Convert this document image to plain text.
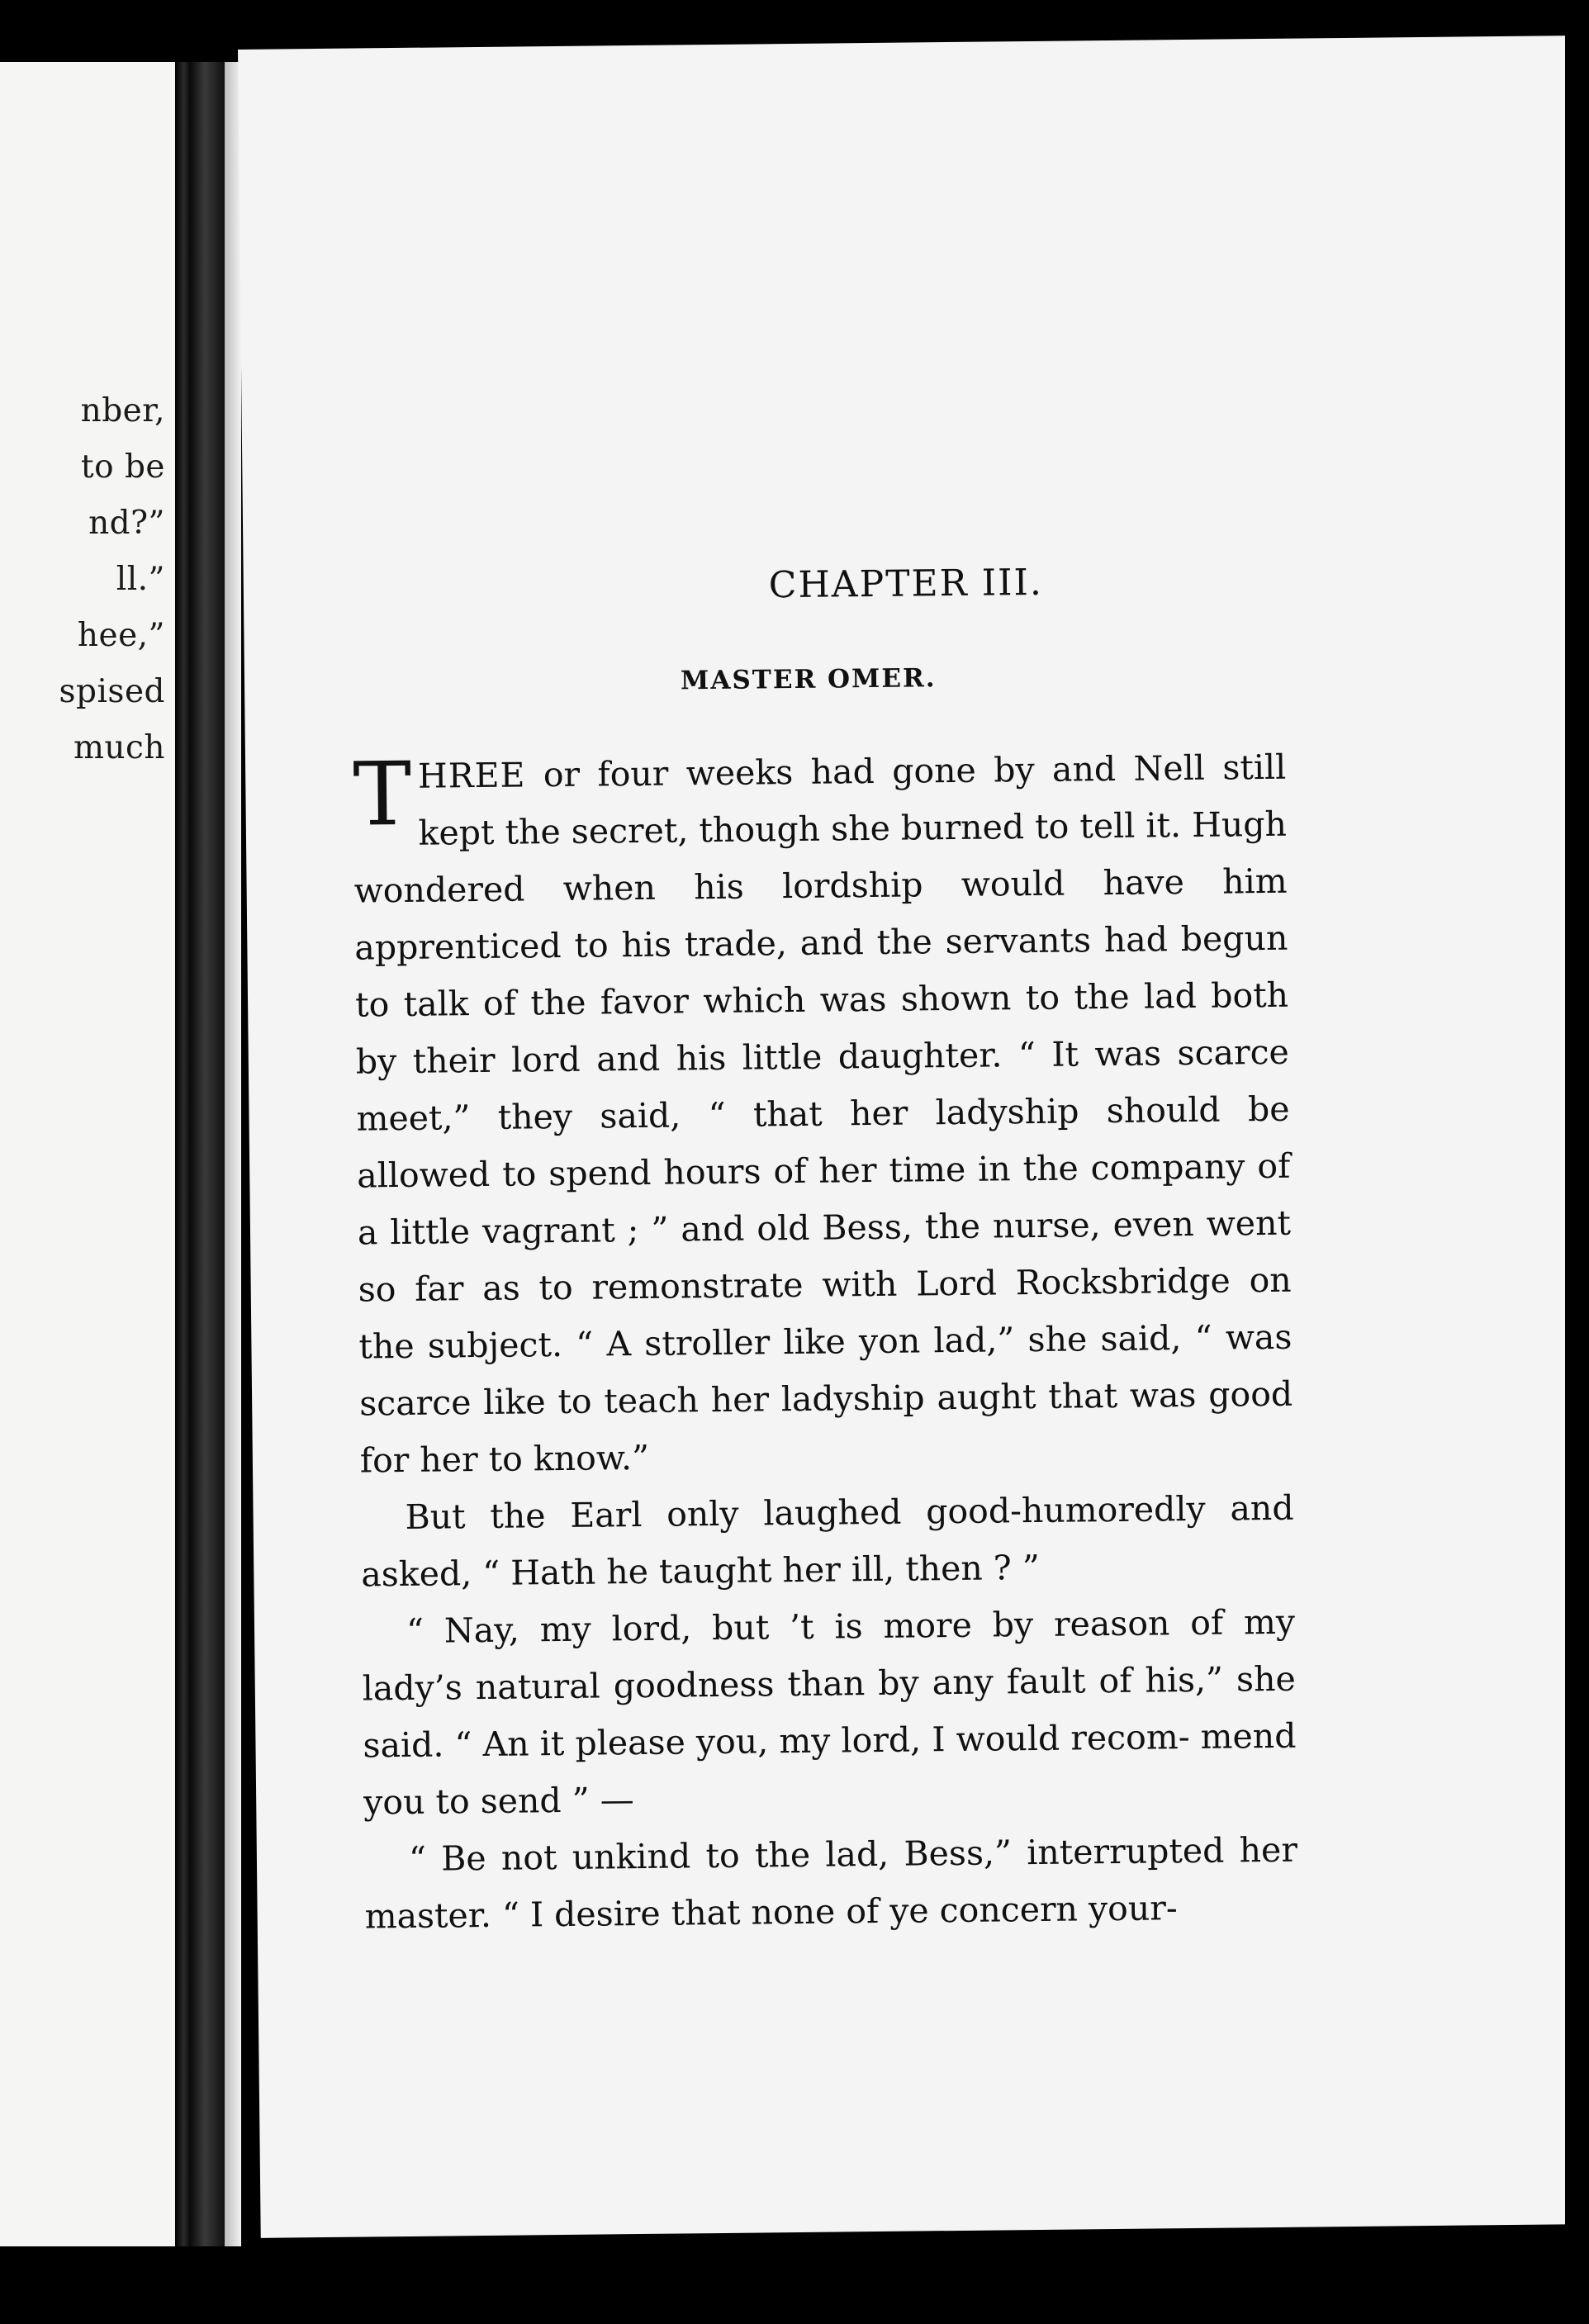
nber,
to be
nd?”
ll.”
hee,”
spised
much
CHAPTER III.
MASTER OMER.

THREE or four weeks had gone by and Nell still kept the secret, though she burned to tell it. Hugh wondered when his lordship would have him apprenticed to his trade, and the servants had begun to talk of the favor which was shown to the lad both by their lord and his little daughter. “ It was scarce meet,” they said, “ that her ladyship should be allowed to spend hours of her time in the company of a little vagrant ; ” and old Bess, the nurse, even went so far as to remonstrate with Lord Rocksbridge on the subject. “ A stroller like yon lad,” she said, “ was scarce like to teach her ladyship aught that was good for her to know.”

But the Earl only laughed good-humoredly and asked, “ Hath he taught her ill, then ? ”

“ Nay, my lord, but ’t is more by reason of my lady’s natural goodness than by any fault of his,” she said. “ An it please you, my lord, I would recom- mend you to send ” —

“ Be not unkind to the lad, Bess,” interrupted her master. “ I desire that none of ye concern your-
